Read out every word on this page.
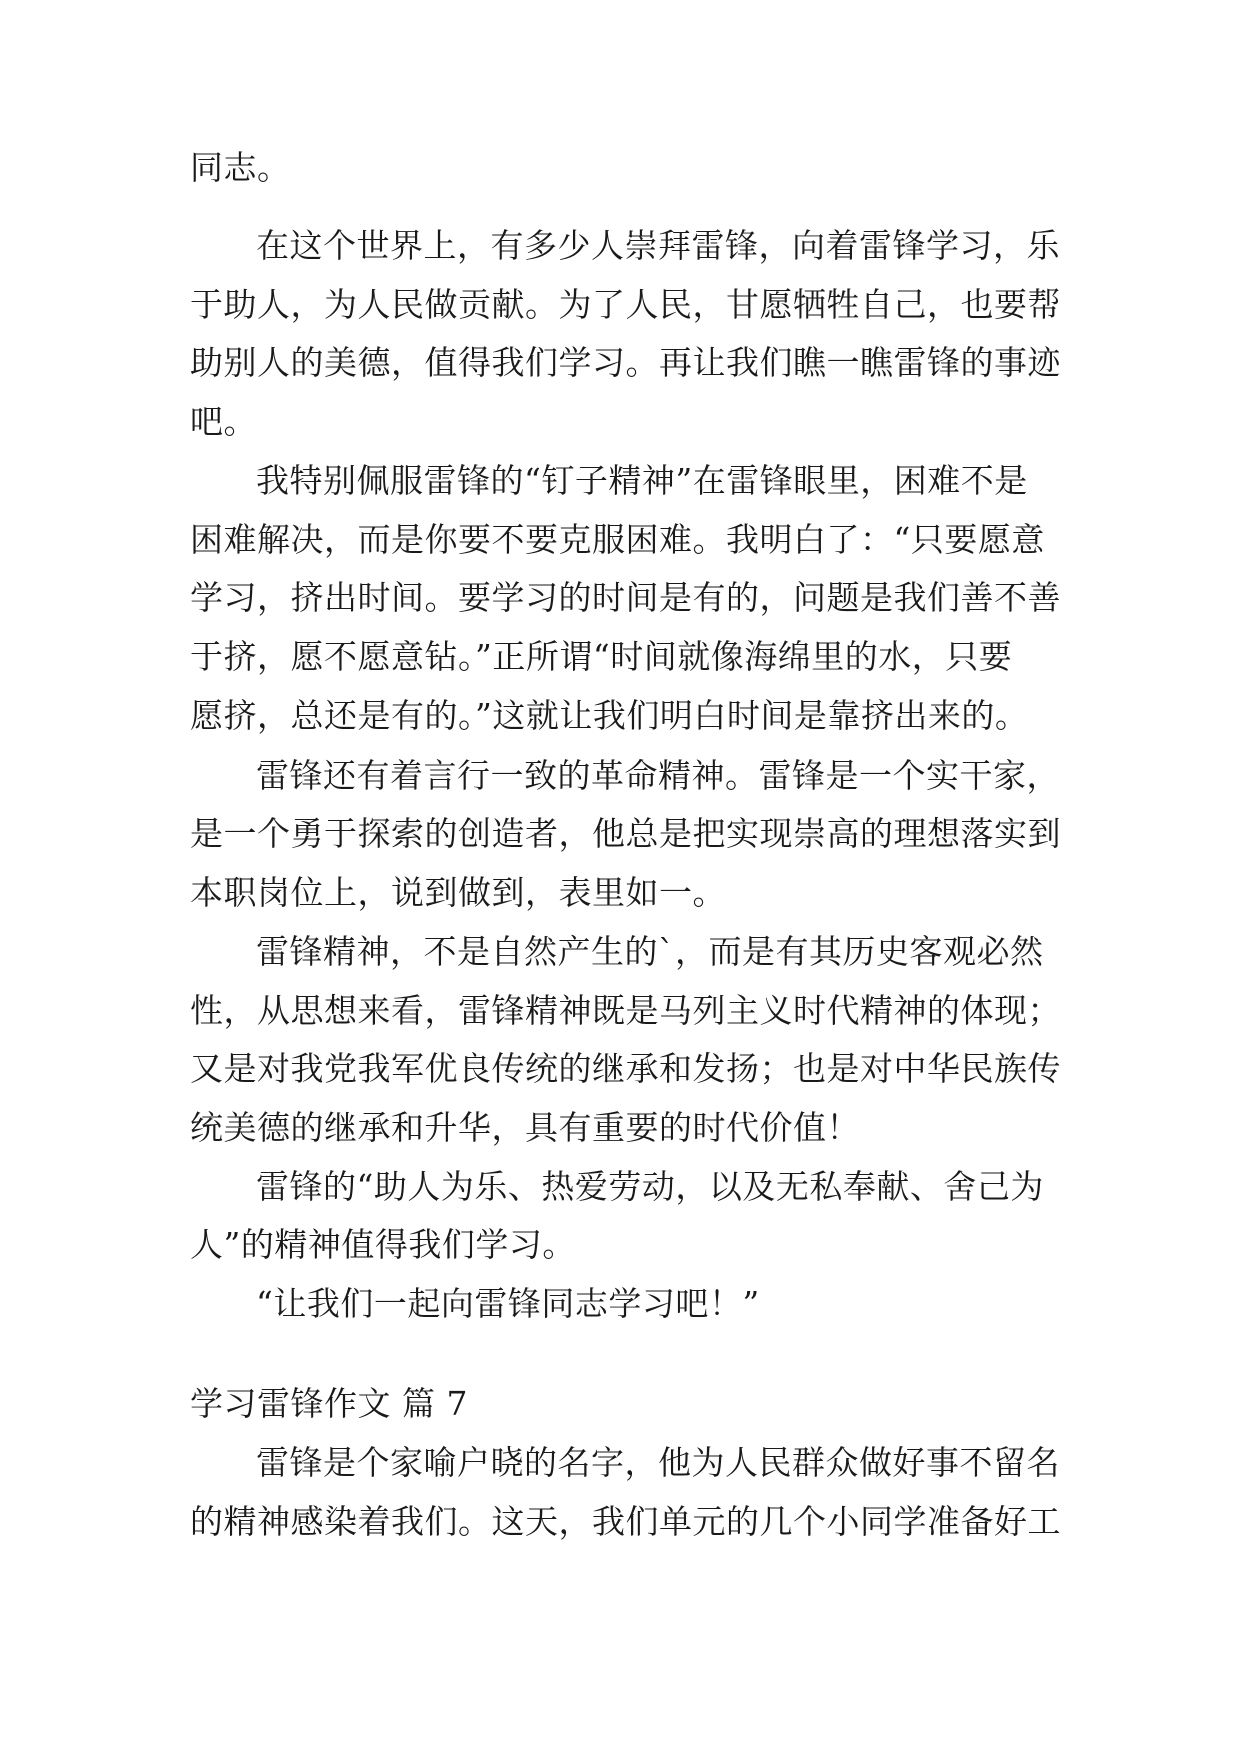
同志。
在这个世界上，有多少人崇拜雷锋，向着雷锋学习，乐
于助人，为人民做贡献。为了人民，甘愿牺牲自己，也要帮
助别人的美德，值得我们学习。再让我们瞧一瞧雷锋的事迹
吧。
我特别佩服雷锋的“钉子精神”在雷锋眼里，困难不是
困难解决，而是你要不要克服困难。我明白了：“只要愿意
学习，挤出时间。要学习的时间是有的，问题是我们善不善
于挤，愿不愿意钻。”正所谓“时间就像海绵里的水，只要
愿挤，总还是有的。”这就让我们明白时间是靠挤出来的。
雷锋还有着言行一致的革命精神。雷锋是一个实干家，
是一个勇于探索的创造者，他总是把实现崇高的理想落实到
本职岗位上，说到做到，表里如一。
雷锋精神，不是自然产生的`，而是有其历史客观必然
性，从思想来看，雷锋精神既是马列主义时代精神的体现；
又是对我党我军优良传统的继承和发扬；也是对中华民族传
统美德的继承和升华，具有重要的时代价值！
雷锋的“助人为乐、热爱劳动，以及无私奉献、舍己为
人”的精神值得我们学习。
“让我们一起向雷锋同志学习吧！”
学习雷锋作文 篇 7
雷锋是个家喻户晓的名字，他为人民群众做好事不留名
的精神感染着我们。这天，我们单元的几个小同学准备好工
